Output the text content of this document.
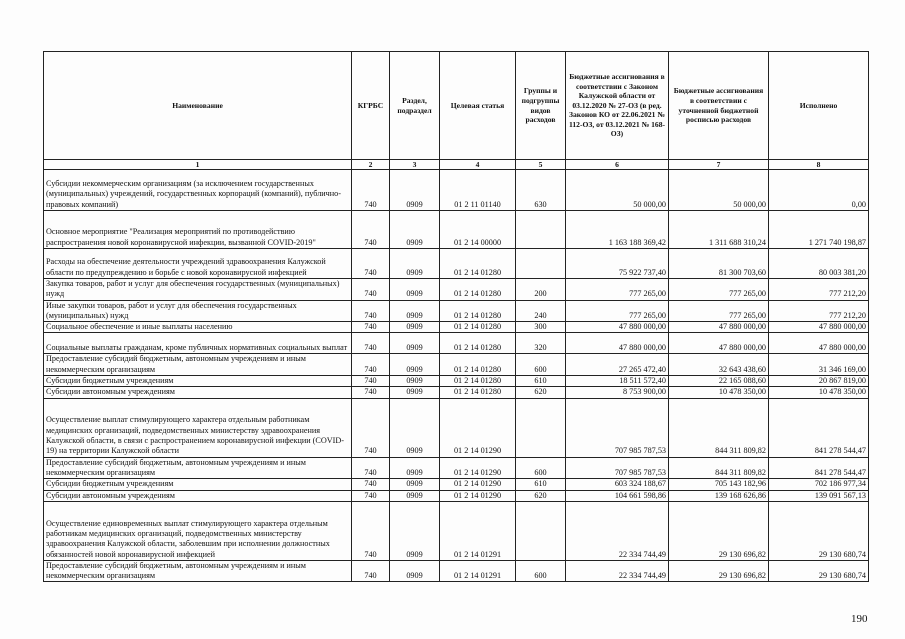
Наименование	КГРБС	Раздел, подраздел	Целевая статья	Группы и подгруппы видов расходов	Бюджетные ассигнования в соответствии с Законом Калужской области от 03.12.2020 № 27-ОЗ (в ред. Законов КО от 22.06.2021 № 112-ОЗ, от 03.12.2021 № 168-ОЗ)	Бюджетные ассигнования в соответствии с уточненной бюджетной росписью расходов	Исполнено
1	2	3	4	5	6	7	8
Субсидии некоммерческим организациям (за исключением государственных (муниципальных) учреждений, государственных корпораций (компаний), публично-правовых компаний)	740	0909	01 2 11 01140	630	50 000,00	50 000,00	0,00
Основное мероприятие "Реализация мероприятий по противодействию распространения новой коронавирусной инфекции, вызванной COVID-2019"	740	0909	01 2 14 00000		1 163 188 369,42	1 311 688 310,24	1 271 740 198,87
Расходы на обеспечение деятельности учреждений здравоохранения Калужской области по предупреждению и борьбе с новой коронавирусной инфекцией	740	0909	01 2 14 01280		75 922 737,40	81 300 703,60	80 003 381,20
Закупка товаров, работ и услуг для обеспечения государственных (муниципальных) нужд	740	0909	01 2 14 01280	200	777 265,00	777 265,00	777 212,20
Иные закупки товаров, работ и услуг для обеспечения государственных (муниципальных) нужд	740	0909	01 2 14 01280	240	777 265,00	777 265,00	777 212,20
Социальное обеспечение и иные выплаты населению	740	0909	01 2 14 01280	300	47 880 000,00	47 880 000,00	47 880 000,00
Социальные выплаты гражданам, кроме публичных нормативных социальных выплат	740	0909	01 2 14 01280	320	47 880 000,00	47 880 000,00	47 880 000,00
Предоставление субсидий бюджетным, автономным учреждениям и иным некоммерческим организациям	740	0909	01 2 14 01280	600	27 265 472,40	32 643 438,60	31 346 169,00
Субсидии бюджетным учреждениям	740	0909	01 2 14 01280	610	18 511 572,40	22 165 088,60	20 867 819,00
Субсидии автономным учреждениям	740	0909	01 2 14 01280	620	8 753 900,00	10 478 350,00	10 478 350,00
Осуществление выплат стимулирующего характера отдельным работникам медицинских организаций, подведомственных министерству здравоохранения Калужской области, в связи с распространением коронавирусной инфекции (COVID-19) на территории Калужской области	740	0909	01 2 14 01290		707 985 787,53	844 311 809,82	841 278 544,47
Предоставление субсидий бюджетным, автономным учреждениям и иным некоммерческим организациям	740	0909	01 2 14 01290	600	707 985 787,53	844 311 809,82	841 278 544,47
Субсидии бюджетным учреждениям	740	0909	01 2 14 01290	610	603 324 188,67	705 143 182,96	702 186 977,34
Субсидии автономным учреждениям	740	0909	01 2 14 01290	620	104 661 598,86	139 168 626,86	139 091 567,13
Осуществление единовременных выплат стимулирующего характера отдельным работникам медицинских организаций, подведомственных министерству здравоохранения Калужской области, заболевшим при исполнении должностных обязанностей новой коронавирусной инфекцией	740	0909	01 2 14 01291		22 334 744,49	29 130 696,82	29 130 680,74
Предоставление субсидий бюджетным, автономным учреждениям и иным некоммерческим организациям	740	0909	01 2 14 01291	600	22 334 744,49	29 130 696,82	29 130 680,74
190
